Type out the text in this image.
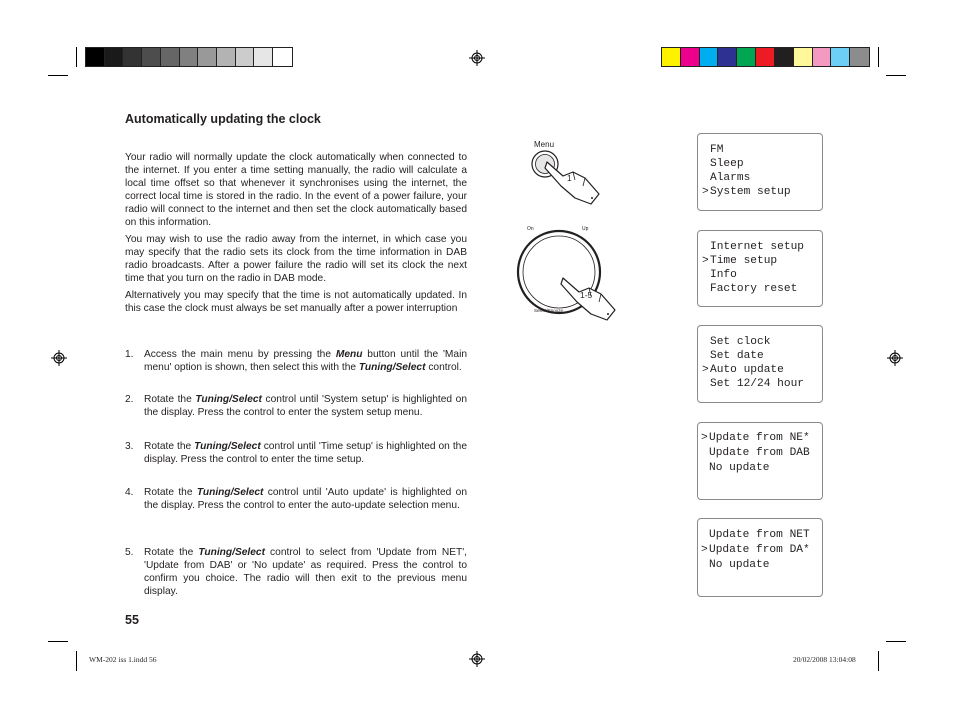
Automatically updating the clock

Your radio will normally update the clock automatically when connected to the internet. If you enter a time setting manually, the radio will calculate a local time offset so that whenever it synchronises using the internet, the correct local time is stored in the radio. In the event of a power failure, your radio will connect to the internet and then set the clock automatically based on this information.

You may wish to use the radio away from the internet, in which case you may specify that the radio sets its clock from the time information in DAB radio broadcasts. After a power failure the radio will set its clock the next time that you turn on the radio in DAB mode.

Alternatively you may specify that the time is not automatically updated. In this case the clock must always be set manually after a power interruption

1.	Access the main menu by pressing the Menu button until the 'Main menu' option is shown, then select this with the Tuning/Select control.
2.	Rotate the Tuning/Select control until 'System setup' is highlighted on the display. Press the control to enter the system setup menu.
3.	Rotate the Tuning/Select control until 'Time setup' is highlighted on the display. Press the control to enter the time setup.
4.	Rotate the Tuning/Select control until 'Auto update' is highlighted on the display. Press the control to enter the auto-update selection menu.
5.	Rotate the Tuning/Select control to select from 'Update from NET', 'Update from DAB' or 'No update' as required. Press the control to confirm you choice. The radio will then exit to the previous menu display.
55
Menu
1
On	Up
Select/Snooze
1-5
FM
Sleep
Alarms
>System setup
Internet setup
>Time setup
Info
Factory reset
Set clock
Set date
>Auto update
Set 12/24 hour
>Update from NE*
Update from DAB
No update
Update from NET
>Update from DA*
No update
WM-202 iss 1.indd 56	20/02/2008 13:04:08
